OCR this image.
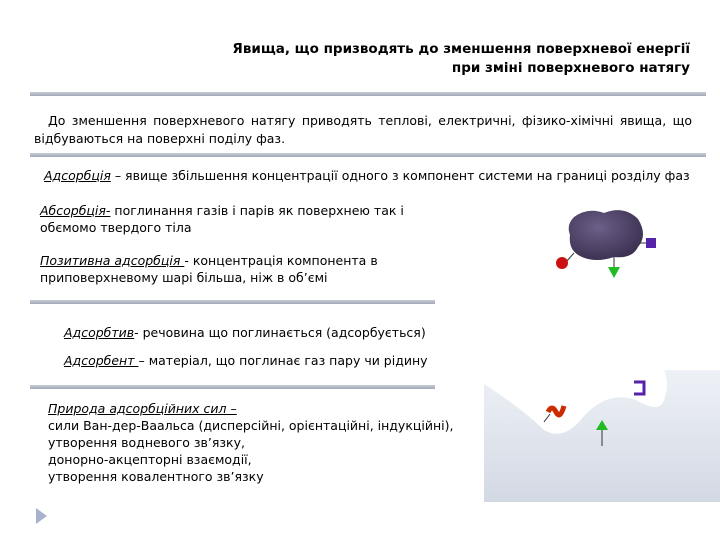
Явища, що призводять до зменшення поверхневої енергії
при зміні поверхневого натягу
До зменшення поверхневого натягу приводять теплові, електричні, фізико-хімічні явища, що відбуваються на поверхні поділу фаз.
Адсорбція – явище збільшення концентрації одного з компонент системи на границі розділу фаз
Абсорбція- поглинання газів і парів як поверхнею так і обємомо твердого тіла
Позитивна адсорбція - концентрація компонента в приповерхневому шарі більша, ніж в об’ємі
Адсорбтив- речовина що поглинається (адсорбується)
Адсорбент – матеріал, що поглинає газ пару чи рідину
Природа адсорбційних сил –
сили Ван-дер-Ваальса (дисперсійні, орієнтаційні, індукційні),
утворення водневого зв’язку,
донорно-акцепторні взаємодії,
утворення ковалентного зв’язку
